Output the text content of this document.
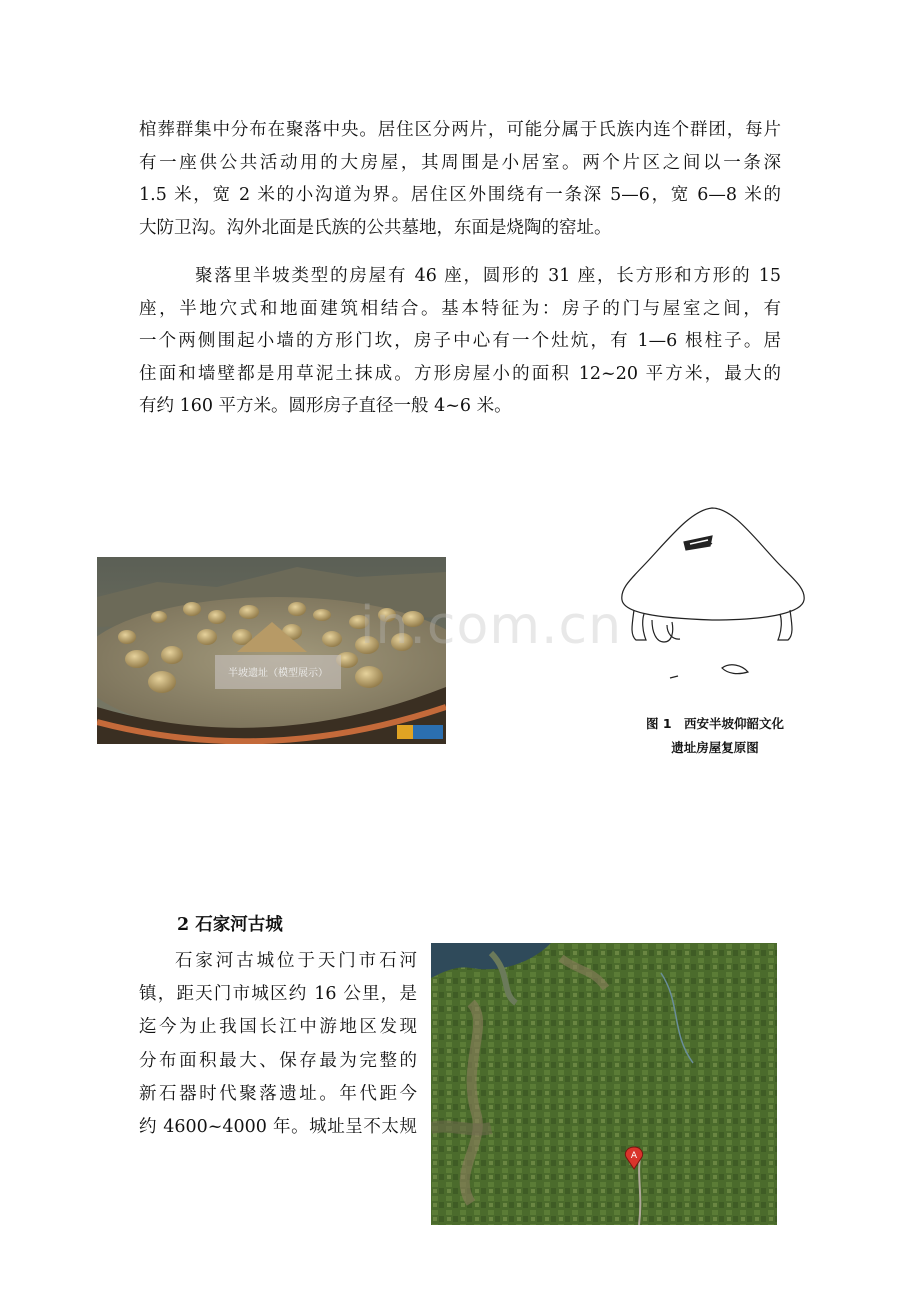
棺葬群集中分布在聚落中央。居住区分两片，可能分属于氏族内连个群团，每片
有一座供公共活动用的大房屋，其周围是小居室。两个片区之间以一条深
1.5 米，宽 2 米的小沟道为界。居住区外围绕有一条深 5—6，宽 6—8 米的
大防卫沟。沟外北面是氏族的公共墓地，东面是烧陶的窑址。
聚落里半坡类型的房屋有 46 座，圆形的 31 座，长方形和方形的 15
座，半地穴式和地面建筑相结合。基本特征为：房子的门与屋室之间，有
一个两侧围起小墙的方形门坎，房子中心有一个灶炕，有 1—6 根柱子。居
住面和墙壁都是用草泥土抹成。方形房屋小的面积 12~20 平方米，最大的
有约 160 平方米。圆形房子直径一般 4~6 米。
半坡遗址（模型展示）
图 1　西安半坡仰韶文化
遗址房屋复原图
in.com.cn
2 石家河古城
石家河古城位于天门市石河
镇，距天门市城区约 16 公里，是
迄今为止我国长江中游地区发现
分布面积最大、保存最为完整的
新石器时代聚落遗址。年代距今
约 4600~4000 年。城址呈不太规
A
